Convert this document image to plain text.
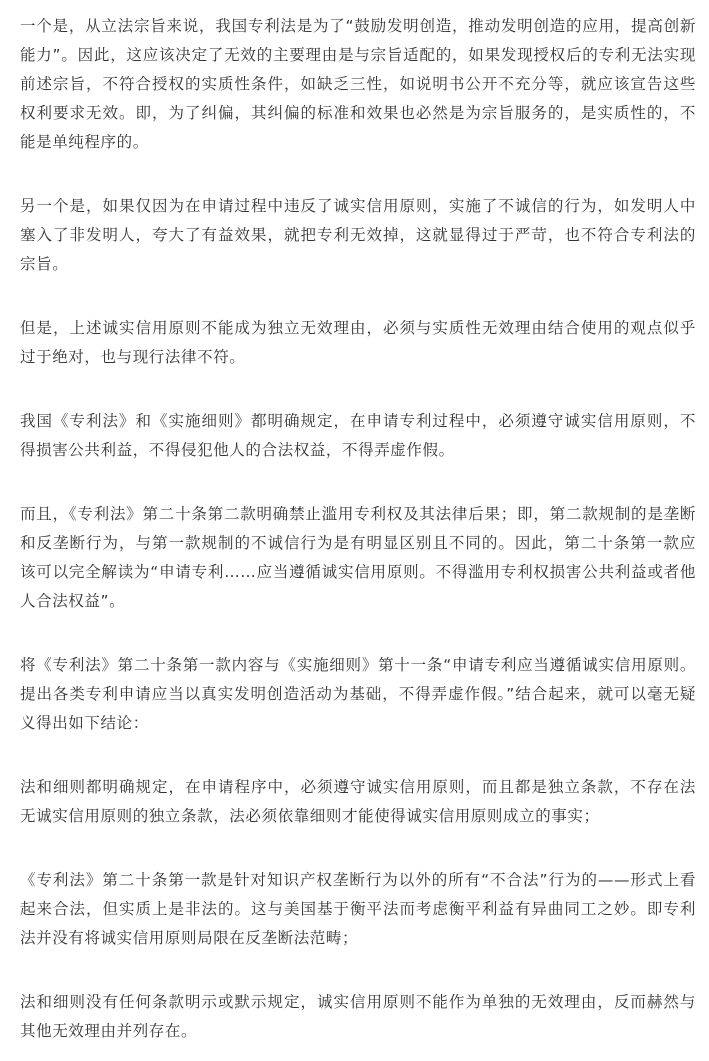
一个是，从立法宗旨来说，我国专利法是为了“鼓励发明创造，推动发明创造的应用，提高创新能力”。因此，这应该决定了无效的主要理由是与宗旨适配的，如果发现授权后的专利无法实现前述宗旨，不符合授权的实质性条件，如缺乏三性，如说明书公开不充分等，就应该宣告这些权利要求无效。即，为了纠偏，其纠偏的标准和效果也必然是为宗旨服务的，是实质性的，不能是单纯程序的。

另一个是，如果仅因为在申请过程中违反了诚实信用原则，实施了不诚信的行为，如发明人中塞入了非发明人，夸大了有益效果，就把专利无效掉，这就显得过于严苛，也不符合专利法的宗旨。

但是，上述诚实信用原则不能成为独立无效理由，必须与实质性无效理由结合使用的观点似乎过于绝对，也与现行法律不符。

我国《专利法》和《实施细则》都明确规定，在申请专利过程中，必须遵守诚实信用原则，不得损害公共利益，不得侵犯他人的合法权益，不得弄虚作假。

而且，《专利法》第二十条第二款明确禁止滥用专利权及其法律后果；即，第二款规制的是垄断和反垄断行为，与第一款规制的不诚信行为是有明显区别且不同的。因此，第二十条第一款应该可以完全解读为“申请专利……应当遵循诚实信用原则。不得滥用专利权损害公共利益或者他人合法权益”。

将《专利法》第二十条第一款内容与《实施细则》第十一条“申请专利应当遵循诚实信用原则。提出各类专利申请应当以真实发明创造活动为基础，不得弄虚作假。”结合起来，就可以毫无疑义得出如下结论：

法和细则都明确规定，在申请程序中，必须遵守诚实信用原则，而且都是独立条款，不存在法无诚实信用原则的独立条款，法必须依靠细则才能使得诚实信用原则成立的事实；

《专利法》第二十条第一款是针对知识产权垄断行为以外的所有“不合法”行为的——形式上看起来合法，但实质上是非法的。这与美国基于衡平法而考虑衡平利益有异曲同工之妙。即专利法并没有将诚实信用原则局限在反垄断法范畴；

法和细则没有任何条款明示或默示规定，诚实信用原则不能作为单独的无效理由，反而赫然与其他无效理由并列存在。
